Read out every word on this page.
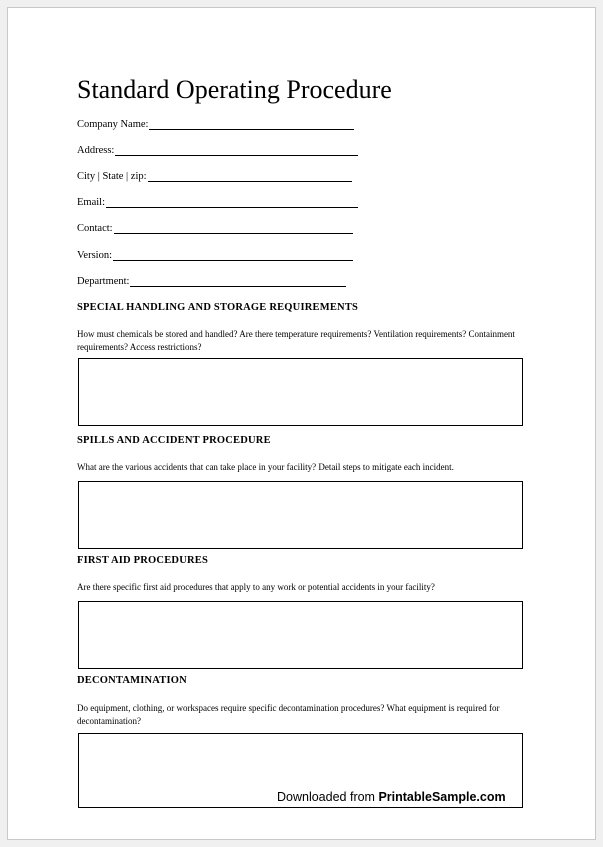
Standard Operating Procedure
Company Name:
Address:
City | State | zip:
Email:
Contact:
Version:
Department:
SPECIAL HANDLING AND STORAGE REQUIREMENTS
How must chemicals be stored and handled? Are there temperature requirements? Ventilation requirements? Containment requirements? Access restrictions?
SPILLS AND ACCIDENT PROCEDURE
What are the various accidents that can take place in your facility? Detail steps to mitigate each incident.
FIRST AID PROCEDURES
Are there specific first aid procedures that apply to any work or potential accidents in your facility?
DECONTAMINATION
Do equipment, clothing, or workspaces require specific decontamination procedures? What equipment is required for decontamination?
Downloaded from PrintableSample.com
